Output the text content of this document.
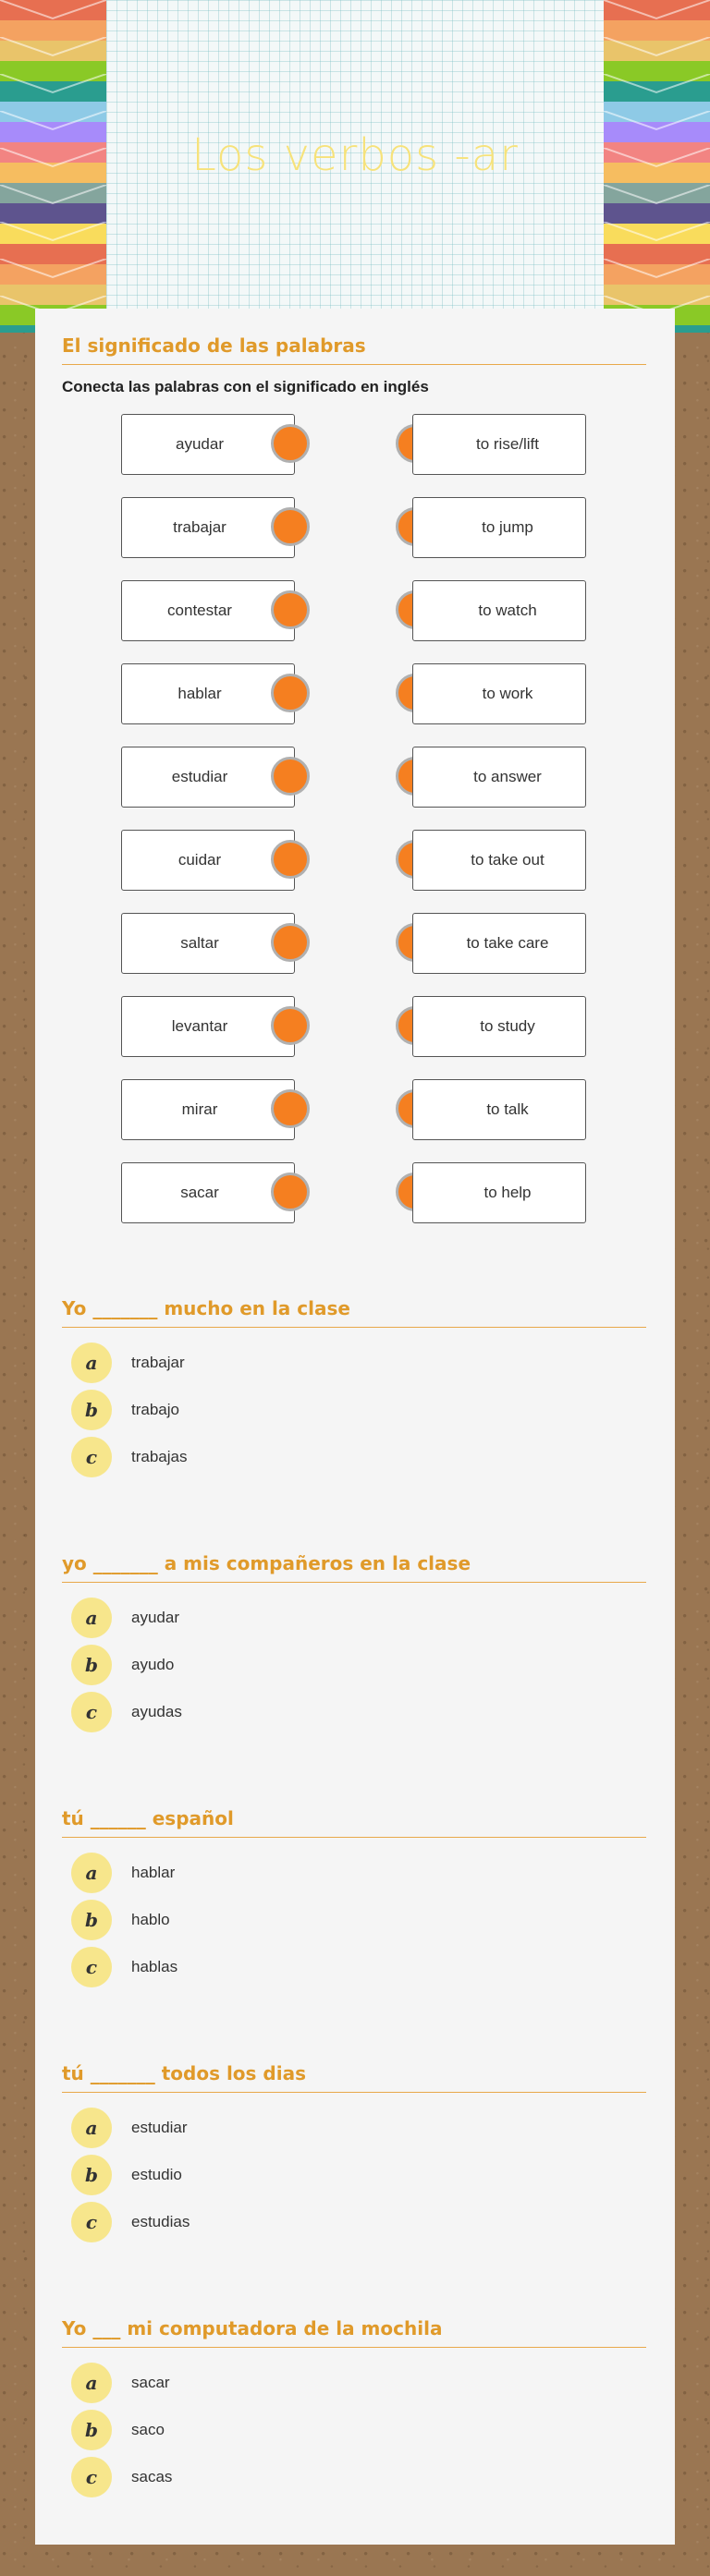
Los verbos -ar
El significado de las palabras
Conecta las palabras con el significado en inglés
ayudar	to rise/lift
trabajar	to jump
contestar	to watch
hablar	to work
estudiar	to answer
cuidar	to take out
saltar	to take care
levantar	to study
mirar	to talk
sacar	to help
Yo _______ mucho en la clase
a	trabajar
b	trabajo
c	trabajas
yo _______ a mis compañeros en la clase
a	ayudar
b	ayudo
c	ayudas
tú ______ español
a	hablar
b	hablo
c	hablas
tú _______ todos los dias
a	estudiar
b	estudio
c	estudias
Yo ___ mi computadora de la mochila
a	sacar
b	saco
c	sacas
